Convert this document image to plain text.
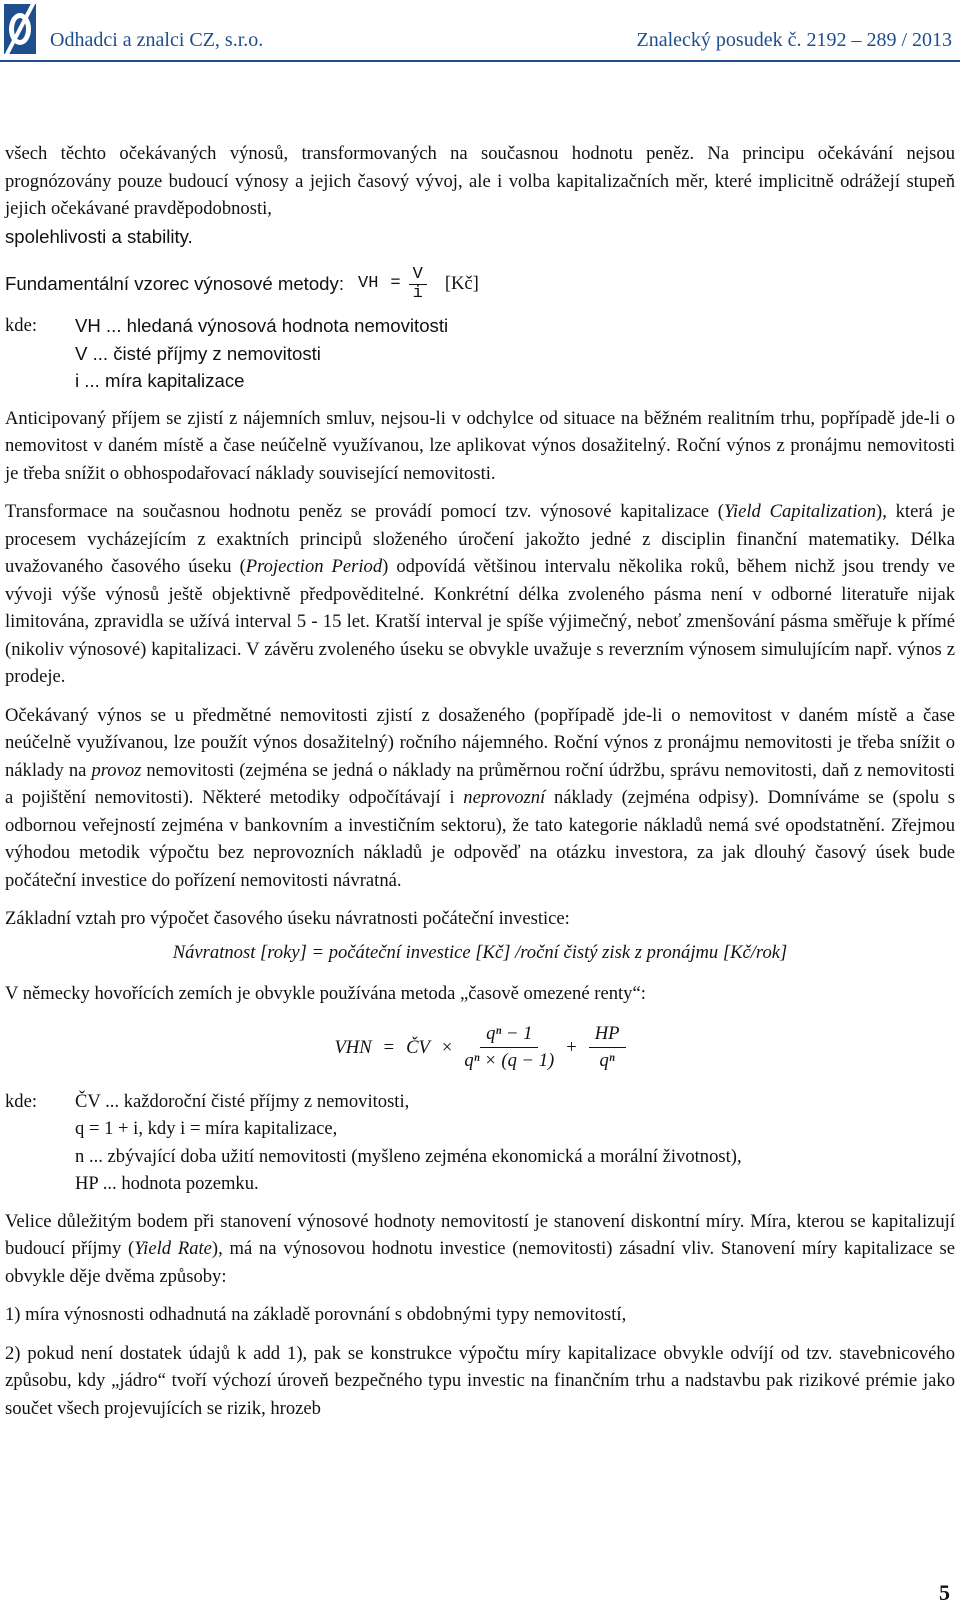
Odhadci a znalci CZ, s.r.o.	Znalecký posudek č. 2192 – 289 / 2013

všech těchto očekávaných výnosů, transformovaných na současnou hodnotu peněz. Na principu očekávání nejsou prognózovány pouze budoucí výnosy a jejich časový vývoj, ale i volba kapitalizačních měr, které implicitně odrážejí stupeň jejich očekávané pravděpodobnosti,

spolehlivosti a stability.

Fundamentální vzorec výnosové metody: VH = $\frac{V}{i}$ [Kč]
kde:	VH ... hledaná výnosová hodnota nemovitosti
V ... čisté příjmy z nemovitosti
i ... míra kapitalizace

Anticipovaný příjem se zjistí z nájemních smluv, nejsou-li v odchylce od situace na běžném realitním trhu, popřípadě jde-li o nemovitost v daném místě a čase neúčelně využívanou, lze aplikovat výnos dosažitelný. Roční výnos z pronájmu nemovitosti je třeba snížit o obhospodařovací náklady související nemovitosti.

Transformace na současnou hodnotu peněz se provádí pomocí tzv. výnosové kapitalizace (Yield Capitalization), která je procesem vycházejícím z exaktních principů složeného úročení jakožto jedné z disciplin finanční matematiky. Délka uvažovaného časového úseku (Projection Period) odpovídá většinou intervalu několika roků, během nichž jsou trendy ve vývoji výše výnosů ještě objektivně předpověditelné. Konkrétní délka zvoleného pásma není v odborné literatuře nijak limitována, zpravidla se užívá interval 5 - 15 let. Kratší interval je spíše výjimečný, neboť zmenšování pásma směřuje k přímé (nikoliv výnosové) kapitalizaci. V závěru zvoleného úseku se obvykle uvažuje s reverzním výnosem simulujícím např. výnos z prodeje.

Očekávaný výnos se u předmětné nemovitosti zjistí z dosaženého (popřípadě jde-li o nemovitost v daném místě a čase neúčelně využívanou, lze použít výnos dosažitelný) ročního nájemného. Roční výnos z pronájmu nemovitosti je třeba snížit o náklady na provoz nemovitosti (zejména se jedná o náklady na průměrnou roční údržbu, správu nemovitosti, daň z nemovitosti a pojištění nemovitosti). Některé metodiky odpočítávají i neprovozní náklady (zejména odpisy). Domníváme se (spolu s odbornou veřejností zejména v bankovním a investičním sektoru), že tato kategorie nákladů nemá své opodstatnění. Zřejmou výhodou metodik výpočtu bez neprovozních nákladů je odpověď na otázku investora, za jak dlouhý časový úsek bude počáteční investice do pořízení nemovitosti návratná.

Základní vztah pro výpočet časového úseku návratnosti počáteční investice:

Návratnost [roky] = počáteční investice [Kč] /roční čistý zisk z pronájmu [Kč/rok]

V německy hovořících zemích je obvykle používána metoda „časově omezené renty“:

VHN = ČV × $\frac{\text{qⁿ − 1}}{\text{qⁿ × (q − 1)}} + \frac{HP}{\text{qⁿ}}$
kde:	ČV ... každoroční čisté příjmy z nemovitosti,
q = 1 + i, kdy i = míra kapitalizace,
n ... zbývající doba užití nemovitosti (myšleno zejména ekonomická a morální životnost),
HP ... hodnota pozemku.

Velice důležitým bodem při stanovení výnosové hodnoty nemovitostí je stanovení diskontní míry. Míra, kterou se kapitalizují budoucí příjmy (Yield Rate), má na výnosovou hodnotu investice (nemovitosti) zásadní vliv. Stanovení míry kapitalizace se obvykle děje dvěma způsoby:

1) míra výnosnosti odhadnutá na základě porovnání s obdobnými typy nemovitostí,

2) pokud není dostatek údajů k add 1), pak se konstrukce výpočtu míry kapitalizace obvykle odvíjí od tzv. stavebnicového způsobu, kdy „jádro“ tvoří výchozí úroveň bezpečného typu investic na finančním trhu a nadstavbu pak rizikové prémie jako součet všech projevujících se rizik, hrozeb

5
